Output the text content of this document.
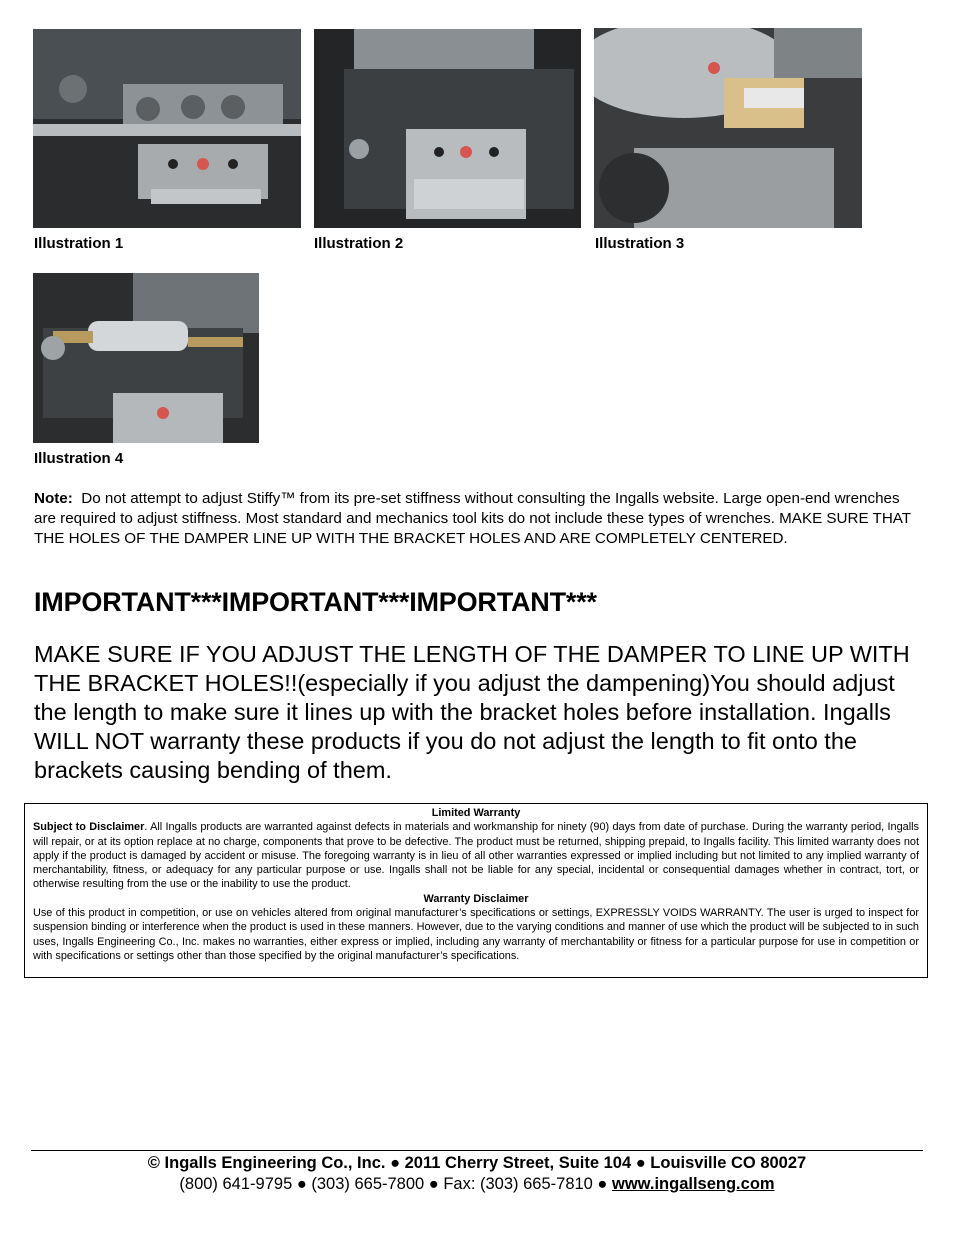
Illustration 1	Illustration 2	Illustration 3
Illustration 4
Note: Do not attempt to adjust Stiffy™ from its pre-set stiffness without consulting the Ingalls website. Large open-end wrenches are required to adjust stiffness. Most standard and mechanics tool kits do not include these types of wrenches. MAKE SURE THAT THE HOLES OF THE DAMPER LINE UP WITH THE BRACKET HOLES AND ARE COMPLETELY CENTERED.
IMPORTANT***IMPORTANT***IMPORTANT***
MAKE SURE IF YOU ADJUST THE LENGTH OF THE DAMPER TO LINE UP WITH THE BRACKET HOLES!!(especially if you adjust the dampening)You should adjust the length to make sure it lines up with the bracket holes before installation. Ingalls WILL NOT warranty these products if you do not adjust the length to fit onto the brackets causing bending of them.
Limited Warranty

Subject to Disclaimer. All Ingalls products are warranted against defects in materials and workmanship for ninety (90) days from date of purchase. During the warranty period, Ingalls will repair, or at its option replace at no charge, components that prove to be defective. The product must be returned, shipping prepaid, to Ingalls facility. This limited warranty does not apply if the product is damaged by accident or misuse. The foregoing warranty is in lieu of all other warranties expressed or implied including but not limited to any implied warranty of merchantability, fitness, or adequacy for any particular purpose or use. Ingalls shall not be liable for any special, incidental or consequential damages whether in contract, tort, or otherwise resulting from the use or the inability to use the product.

Warranty Disclaimer

Use of this product in competition, or use on vehicles altered from original manufacturer’s specifications or settings, EXPRESSLY VOIDS WARRANTY. The user is urged to inspect for suspension binding or interference when the product is used in these manners. However, due to the varying conditions and manner of use which the product will be subjected to in such uses, Ingalls Engineering Co., Inc. makes no warranties, either express or implied, including any warranty of merchantability or fitness for a particular purpose for use in competition or with specifications or settings other than those specified by the original manufacturer’s specifications.

© Ingalls Engineering Co., Inc. ● 2011 Cherry Street, Suite 104 ● Louisville CO 80027
(800) 641-9795 ● (303) 665-7800 ● Fax: (303) 665-7810 ● www.ingallseng.com
